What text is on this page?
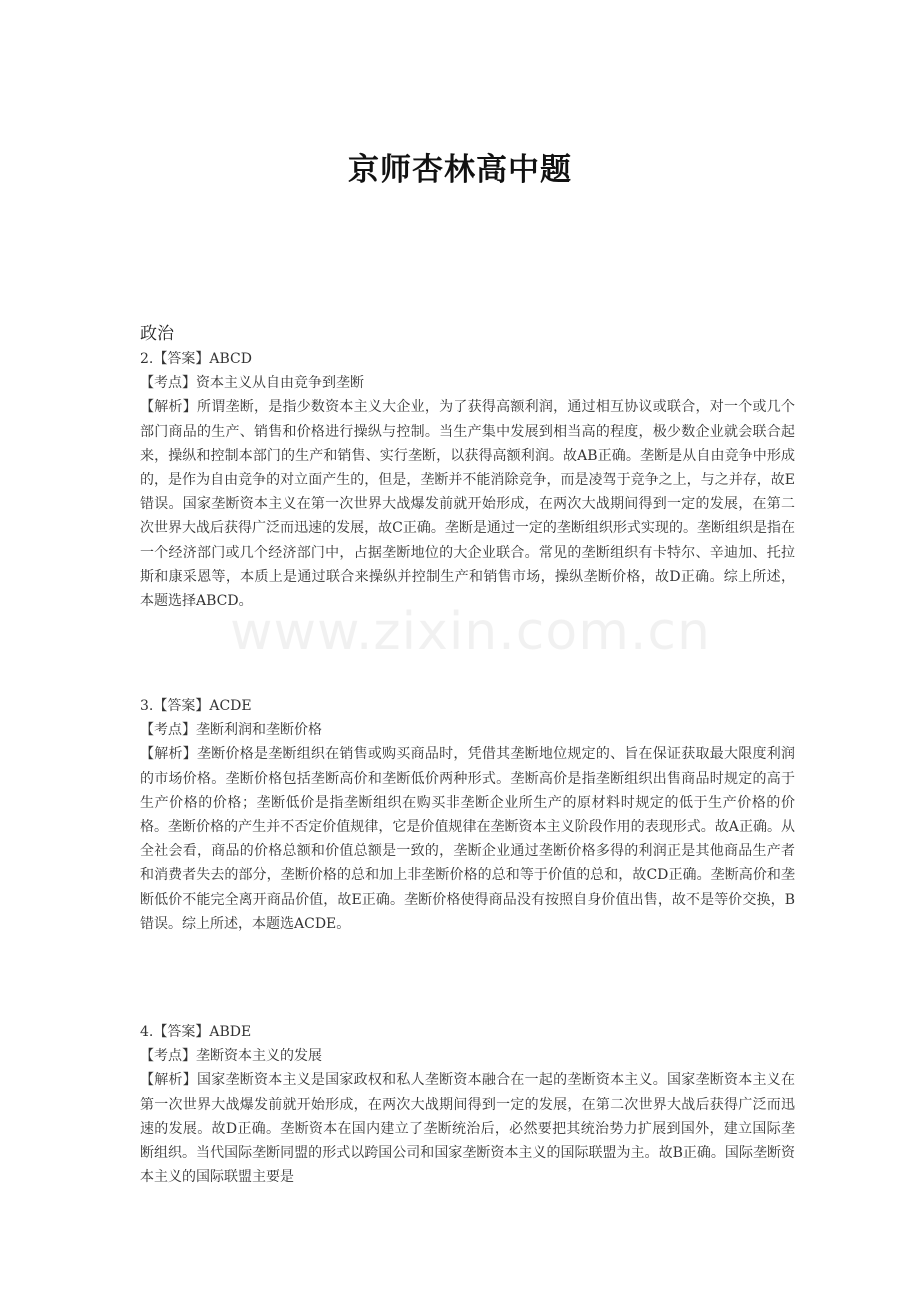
京师杏林高中题
政治

2.【答案】ABCD

【考点】资本主义从自由竞争到垄断

【解析】所谓垄断，是指少数资本主义大企业，为了获得高额利润，通过相互协议或联合，对一个或几个部门商品的生产、销售和价格进行操纵与控制。当生产集中发展到相当高的程度，极少数企业就会联合起来，操纵和控制本部门的生产和销售、实行垄断，以获得高额利润。故AB正确。垄断是从自由竞争中形成的，是作为自由竞争的对立面产生的，但是，垄断并不能消除竞争，而是凌驾于竞争之上，与之并存，故E错误。国家垄断资本主义在第一次世界大战爆发前就开始形成，在两次大战期间得到一定的发展，在第二次世界大战后获得广泛而迅速的发展，故C正确。垄断是通过一定的垄断组织形式实现的。垄断组织是指在一个经济部门或几个经济部门中，占据垄断地位的大企业联合。常见的垄断组织有卡特尔、辛迪加、托拉斯和康采恩等，本质上是通过联合来操纵并控制生产和销售市场，操纵垄断价格，故D正确。综上所述，本题选择ABCD。

3.【答案】ACDE

【考点】垄断利润和垄断价格

【解析】垄断价格是垄断组织在销售或购买商品时，凭借其垄断地位规定的、旨在保证获取最大限度利润的市场价格。垄断价格包括垄断高价和垄断低价两种形式。垄断高价是指垄断组织出售商品时规定的高于生产价格的价格；垄断低价是指垄断组织在购买非垄断企业所生产的原材料时规定的低于生产价格的价格。垄断价格的产生并不否定价值规律，它是价值规律在垄断资本主义阶段作用的表现形式。故A正确。从全社会看，商品的价格总额和价值总额是一致的，垄断企业通过垄断价格多得的利润正是其他商品生产者和消费者失去的部分，垄断价格的总和加上非垄断价格的总和等于价值的总和，故CD正确。垄断高价和垄断低价不能完全离开商品价值，故E正确。垄断价格使得商品没有按照自身价值出售，故不是等价交换，B错误。综上所述，本题选ACDE。

4.【答案】ABDE

【考点】垄断资本主义的发展

【解析】国家垄断资本主义是国家政权和私人垄断资本融合在一起的垄断资本主义。国家垄断资本主义在第一次世界大战爆发前就开始形成，在两次大战期间得到一定的发展，在第二次世界大战后获得广泛而迅速的发展。故D正确。垄断资本在国内建立了垄断统治后，必然要把其统治势力扩展到国外，建立国际垄断组织。当代国际垄断同盟的形式以跨国公司和国家垄断资本主义的国际联盟为主。故B正确。国际垄断资本主义的国际联盟主要是

www.zixin.com.cn
